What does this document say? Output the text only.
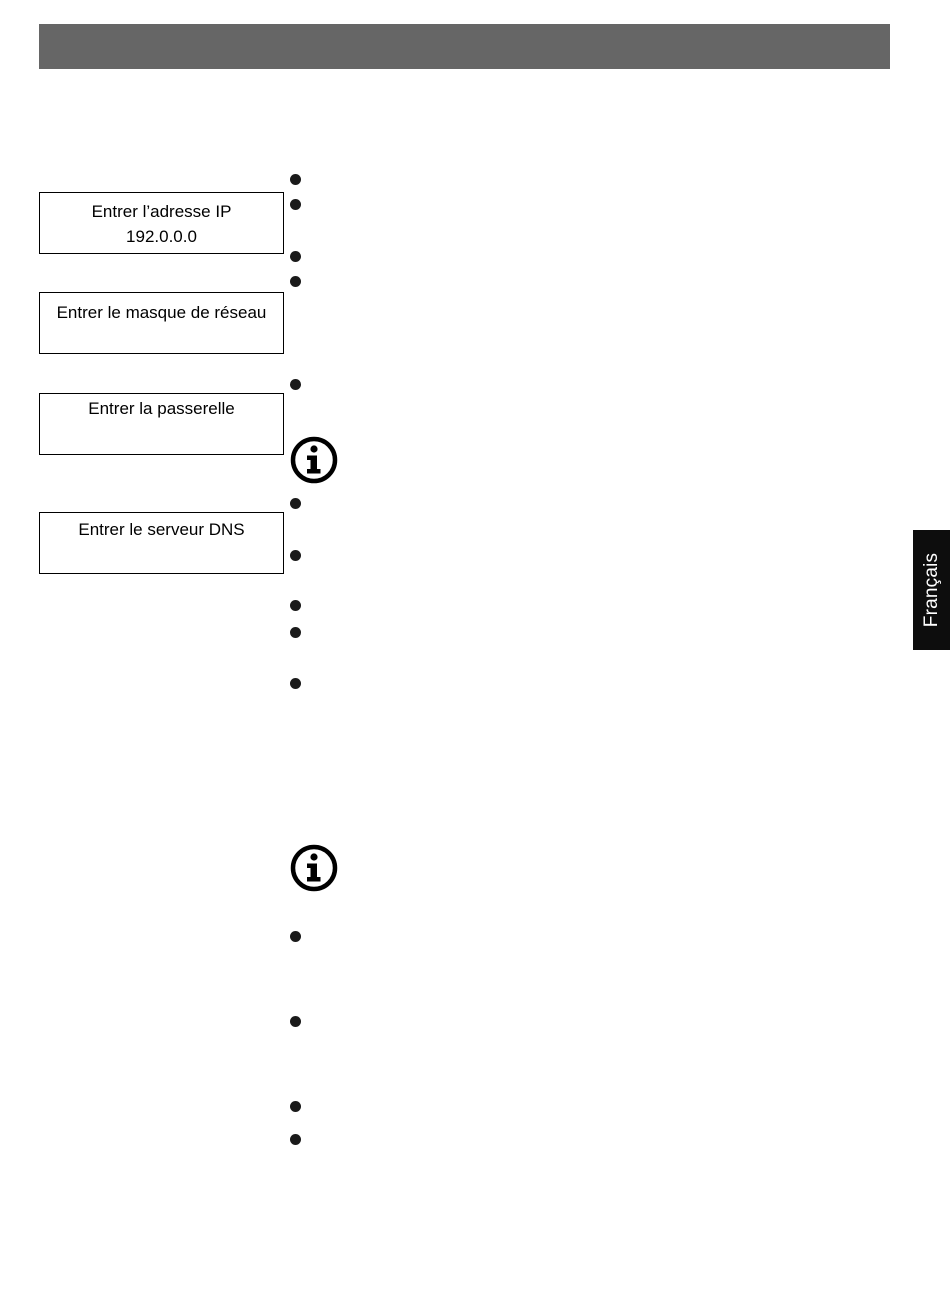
Entrer l’adresse IP
192.0.0.0
Entrer le masque de réseau
Entrer la passerelle
Entrer le serveur DNS
Français
